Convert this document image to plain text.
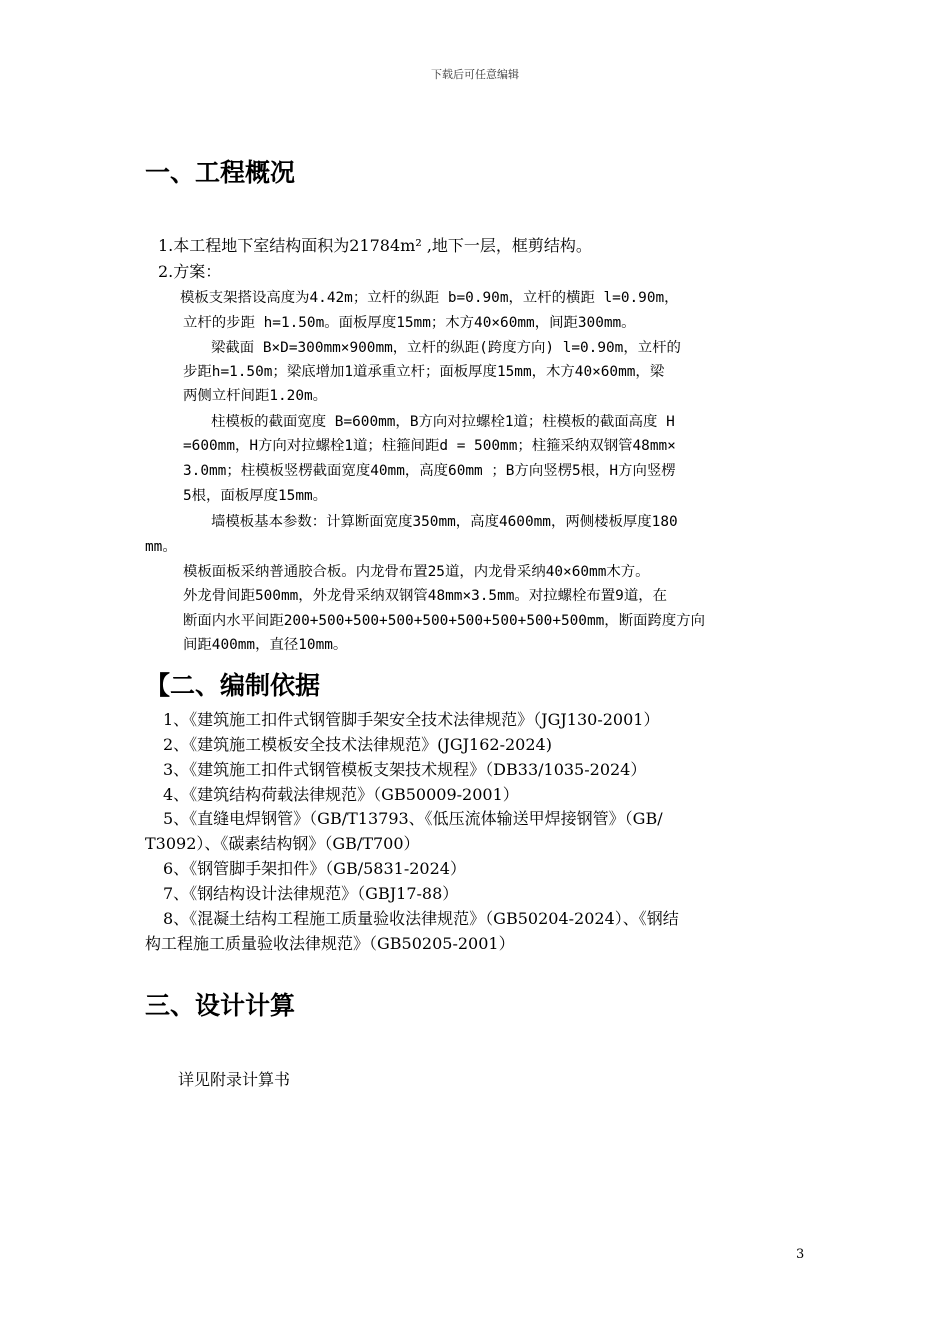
下载后可任意编辑
一、工程概况
1.本工程地下室结构面积为21784m² ,地下一层，框剪结构。
2.方案：
模板支架搭设高度为4.42m；立杆的纵距 b=0.90m，立杆的横距 l=0.90m，
立杆的步距 h=1.50m。面板厚度15mm；木方40×60mm，间距300mm。
梁截面 B×D=300mm×900mm，立杆的纵距(跨度方向) l=0.90m，立杆的
步距h=1.50m；梁底增加1道承重立杆；面板厚度15mm，木方40×60mm，梁
两侧立杆间距1.20m。
柱模板的截面宽度 B=600mm，B方向对拉螺栓1道；柱模板的截面高度 H
=600mm，H方向对拉螺栓1道；柱箍间距d = 500mm；柱箍采纳双钢管48mm×
3.0mm；柱模板竖楞截面宽度40mm，高度60mm ；B方向竖楞5根，H方向竖楞
5根，面板厚度15mm。
墙模板基本参数：计算断面宽度350mm，高度4600mm，两侧楼板厚度180
mm。
模板面板采纳普通胶合板。内龙骨布置25道，内龙骨采纳40×60mm木方。
外龙骨间距500mm，外龙骨采纳双钢管48mm×3.5mm。对拉螺栓布置9道，在
断面内水平间距200+500+500+500+500+500+500+500+500mm，断面跨度方向
间距400mm，直径10mm。
【二、编制依据
1、《建筑施工扣件式钢管脚手架安全技术法律规范》（JGJ130-2001）
2、《建筑施工模板安全技术法律规范》(JGJ162-2024)
3、《建筑施工扣件式钢管模板支架技术规程》（DB33/1035-2024）
4、《建筑结构荷载法律规范》（GB50009-2001）
5、《直缝电焊钢管》（GB/T13793、《低压流体输送甲焊接钢管》（GB/
T3092）、《碳素结构钢》（GB/T700）
6、《钢管脚手架扣件》（GB/5831-2024）
7、《钢结构设计法律规范》（GBJ17-88）
8、《混凝土结构工程施工质量验收法律规范》（GB50204-2024）、《钢结
构工程施工质量验收法律规范》（GB50205-2001）
三、设计计算
详见附录计算书
3
